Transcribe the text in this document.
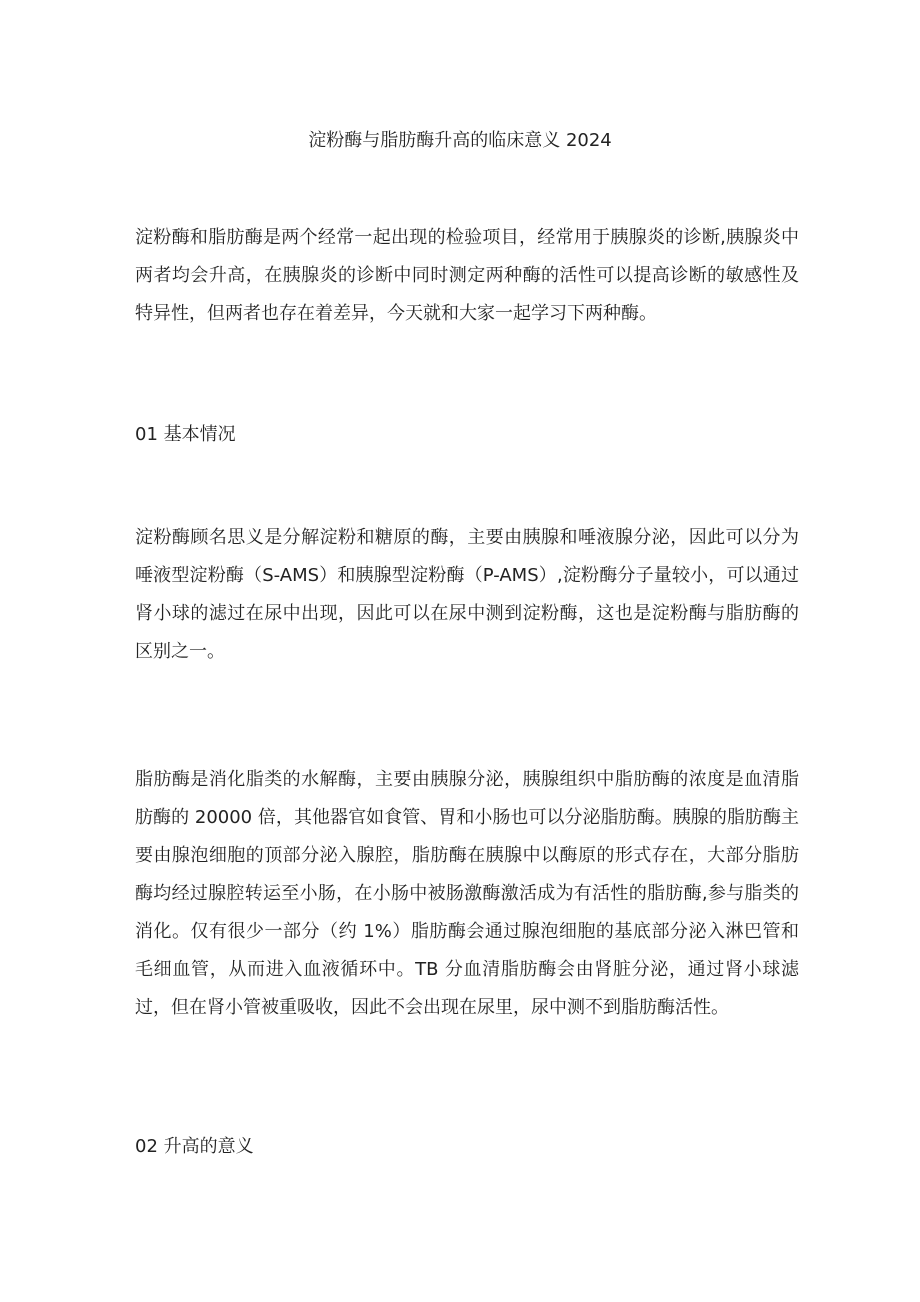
淀粉酶与脂肪酶升高的临床意义 2024

淀粉酶和脂肪酶是两个经常一起出现的检验项目，经常用于胰腺炎的诊断,胰腺炎中两者均会升高，在胰腺炎的诊断中同时测定两种酶的活性可以提高诊断的敏感性及特异性，但两者也存在着差异，今天就和大家一起学习下两种酶。

01 基本情况

淀粉酶顾名思义是分解淀粉和糖原的酶，主要由胰腺和唾液腺分泌，因此可以分为唾液型淀粉酶（S-AMS）和胰腺型淀粉酶（P-AMS）,淀粉酶分子量较小，可以通过肾小球的滤过在尿中出现，因此可以在尿中测到淀粉酶，这也是淀粉酶与脂肪酶的区别之一。

脂肪酶是消化脂类的水解酶，主要由胰腺分泌，胰腺组织中脂肪酶的浓度是血清脂肪酶的 20000 倍，其他器官如食管、胃和小肠也可以分泌脂肪酶。胰腺的脂肪酶主要由腺泡细胞的顶部分泌入腺腔，脂肪酶在胰腺中以酶原的形式存在，大部分脂肪酶均经过腺腔转运至小肠，在小肠中被肠激酶激活成为有活性的脂肪酶,参与脂类的消化。仅有很少一部分（约 1%）脂肪酶会通过腺泡细胞的基底部分泌入淋巴管和毛细血管，从而进入血液循环中。TB 分血清脂肪酶会由肾脏分泌，通过肾小球滤过，但在肾小管被重吸收，因此不会出现在尿里，尿中测不到脂肪酶活性。

02 升高的意义
